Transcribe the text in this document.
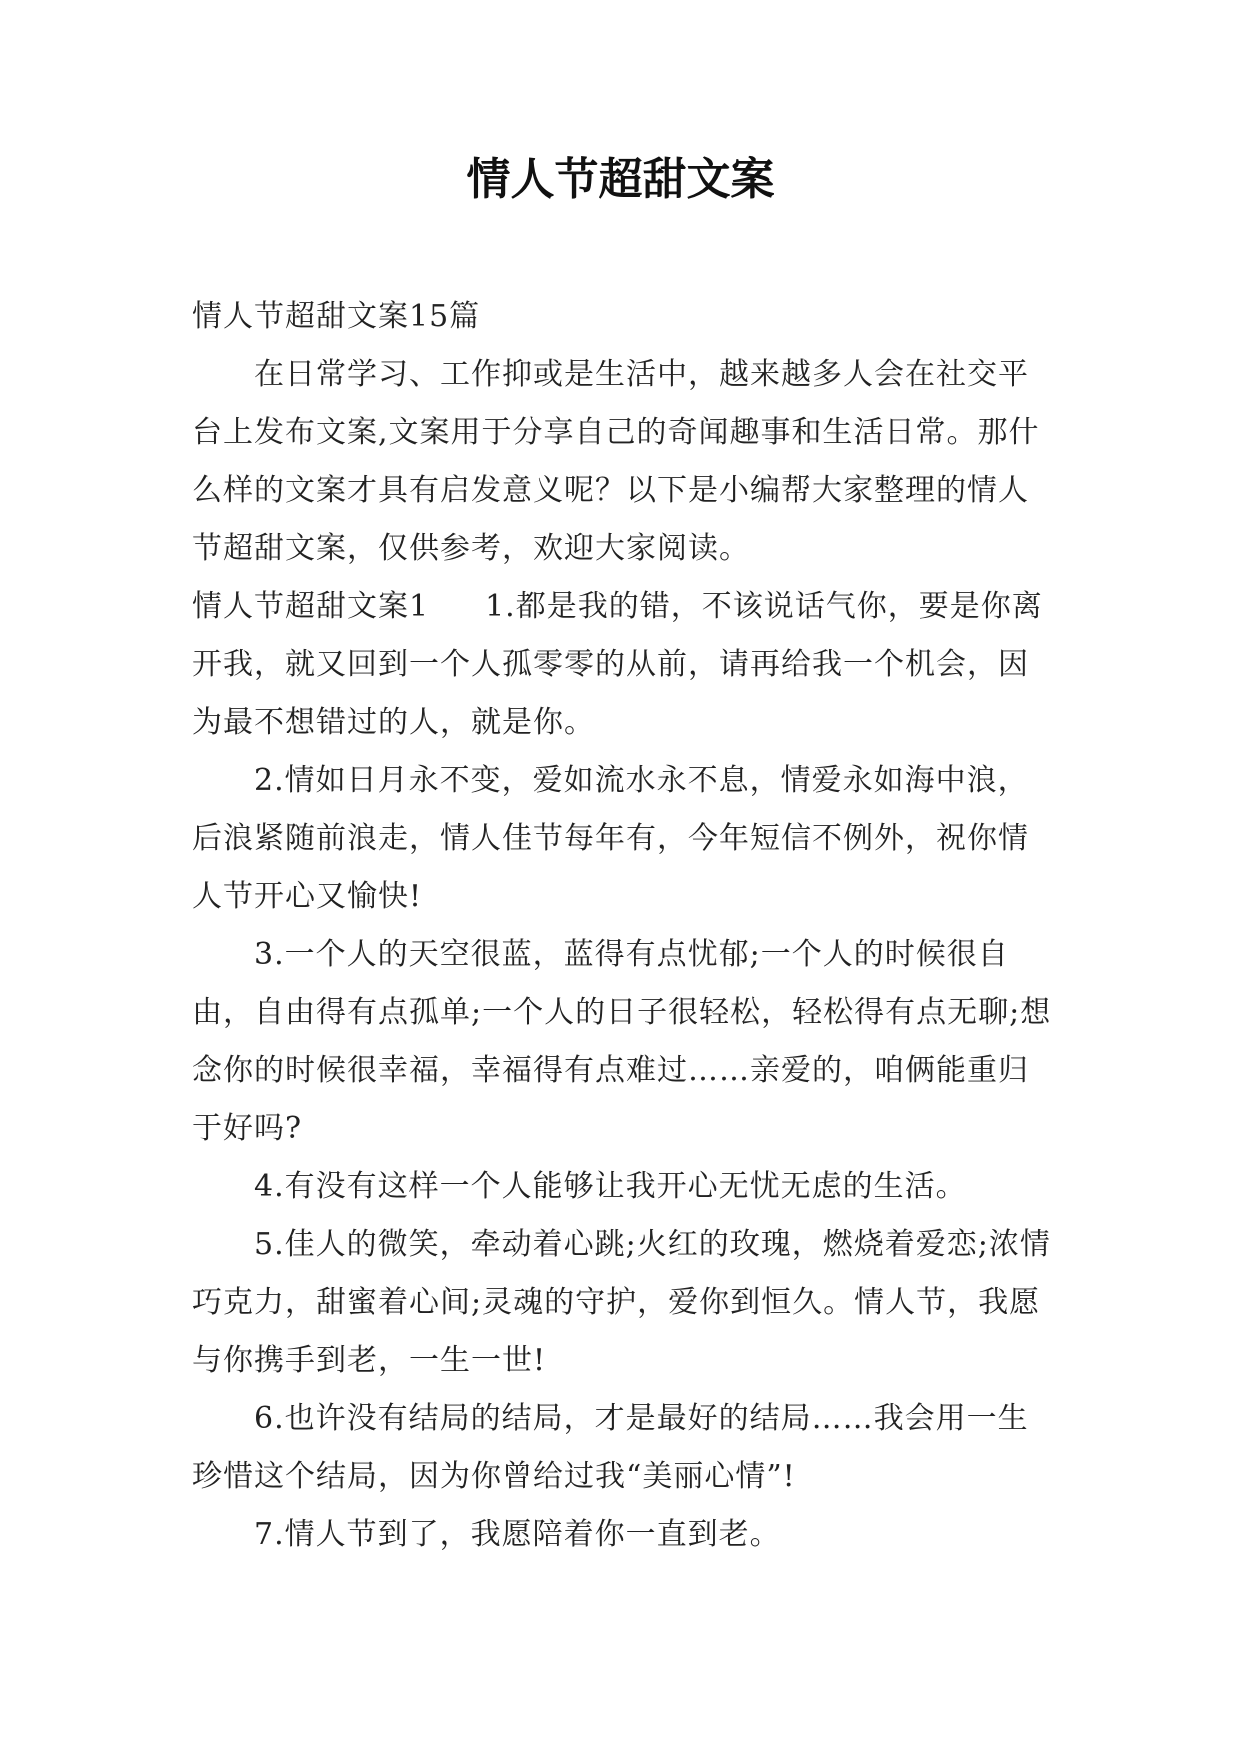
情人节超甜文案

情人节超甜文案15篇

在日常学习、工作抑或是生活中，越来越多人会在社交平台上发布文案,文案用于分享自己的奇闻趣事和生活日常。那什么样的文案才具有启发意义呢？以下是小编帮大家整理的情人节超甜文案，仅供参考，欢迎大家阅读。

情人节超甜文案1 1.都是我的错，不该说话气你，要是你离开我，就又回到一个人孤零零的从前，请再给我一个机会，因为最不想错过的人，就是你。

2.情如日月永不变，爱如流水永不息，情爱永如海中浪，后浪紧随前浪走，情人佳节每年有，今年短信不例外，祝你情人节开心又愉快!

3.一个人的天空很蓝，蓝得有点忧郁;一个人的时候很自由，自由得有点孤单;一个人的日子很轻松，轻松得有点无聊;想念你的时候很幸福，幸福得有点难过……亲爱的，咱俩能重归于好吗?

4.有没有这样一个人能够让我开心无忧无虑的生活。

5.佳人的微笑，牵动着心跳;火红的玫瑰，燃烧着爱恋;浓情巧克力，甜蜜着心间;灵魂的守护，爱你到恒久。情人节，我愿与你携手到老，一生一世!

6.也许没有结局的结局，才是最好的结局……我会用一生珍惜这个结局，因为你曾给过我“美丽心情”!

7.情人节到了，我愿陪着你一直到老。
